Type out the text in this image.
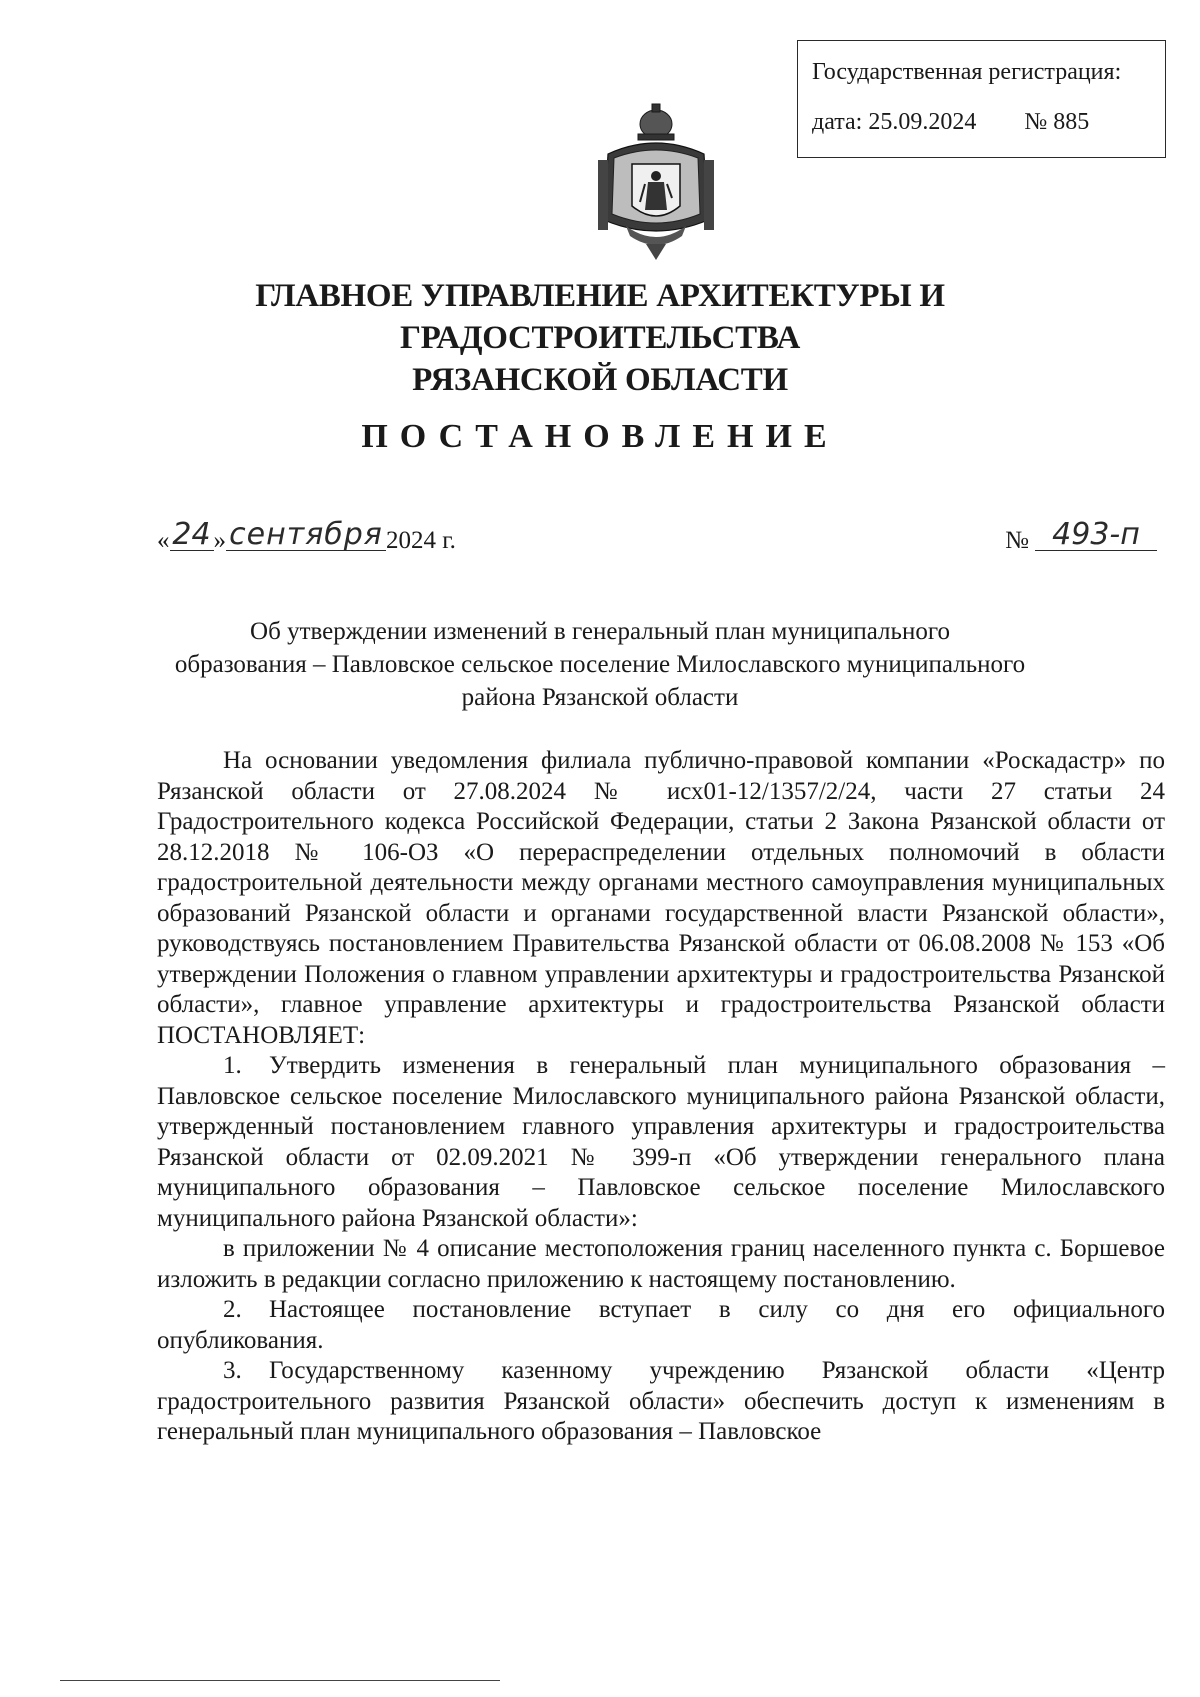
Государственная регистрация:
дата: 25.09.2024 № 885
ГЛАВНОЕ УПРАВЛЕНИЕ АРХИТЕКТУРЫ И ГРАДОСТРОИТЕЛЬСТВА
РЯЗАНСКОЙ ОБЛАСТИ
ПОСТАНОВЛЕНИЕ
«24 » сентября 2024 г.	№ 493-п
Об утверждении изменений в генеральный план муниципального
образования – Павловское сельское поселение Милославского муниципального
района Рязанской области

На основании уведомления филиала публично-правовой компании «Роскадастр» по Рязанской области от 27.08.2024 № исх01-12/1357/2/24, части 27 статьи 24 Градостроительного кодекса Российской Федерации, статьи 2 Закона Рязанской области от 28.12.2018 № 106-ОЗ «О перераспределении отдельных полномочий в области градостроительной деятельности между органами местного самоуправления муниципальных образований Рязанской области и органами государственной власти Рязанской области», руководствуясь постановлением Правительства Рязанской области от 06.08.2008 № 153 «Об утверждении Положения о главном управлении архитектуры и градостроительства Рязанской области», главное управление архитектуры и градостроительства Рязанской области ПОСТАНОВЛЯЕТ:

1. Утвердить изменения в генеральный план муниципального образования – Павловское сельское поселение Милославского муниципального района Рязанской области, утвержденный постановлением главного управления архитектуры и градостроительства Рязанской области от 02.09.2021 № 399-п «Об утверждении генерального плана муниципального образования – Павловское сельское поселение Милославского муниципального района Рязанской области»:

в приложении № 4 описание местоположения границ населенного пункта с. Боршевое изложить в редакции согласно приложению к настоящему постановлению.

2. Настоящее постановление вступает в силу со дня его официального опубликования.

3. Государственному казенному учреждению Рязанской области «Центр градостроительного развития Рязанской области» обеспечить доступ к изменениям в генеральный план муниципального образования – Павловское
